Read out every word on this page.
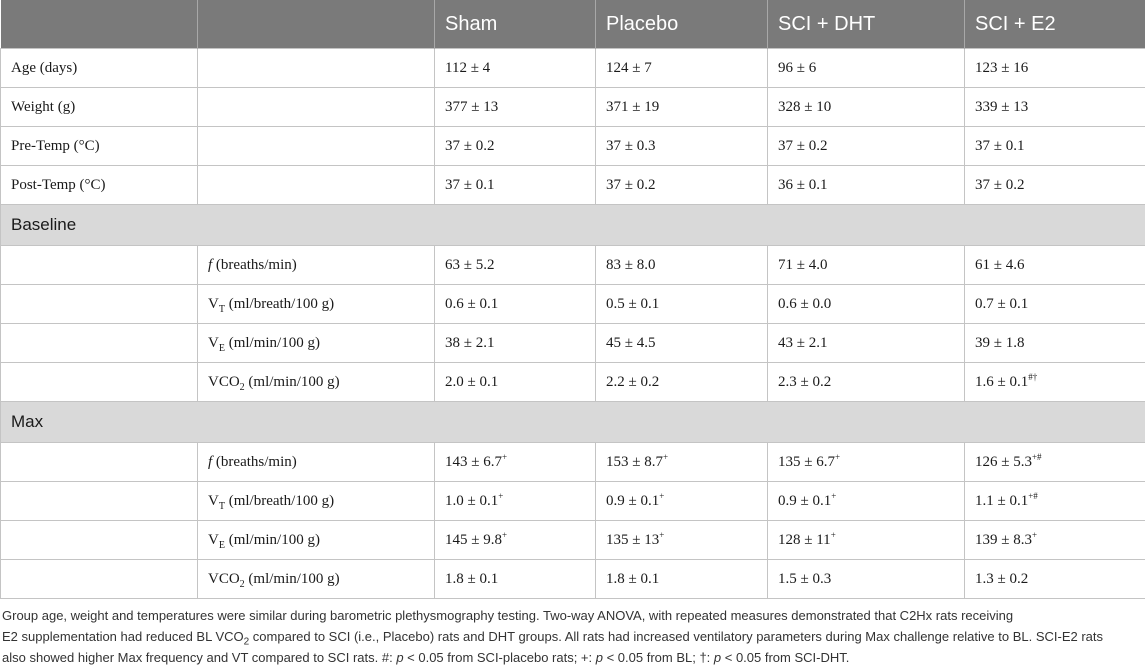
		Sham	Placebo	SCI + DHT	SCI + E2
Age (days)		112 ± 4	124 ± 7	96 ± 6	123 ± 16
Weight (g)		377 ± 13	371 ± 19	328 ± 10	339 ± 13
Pre-Temp (°C)		37 ± 0.2	37 ± 0.3	37 ± 0.2	37 ± 0.1
Post-Temp (°C)		37 ± 0.1	37 ± 0.2	36 ± 0.1	37 ± 0.2
Baseline					
	f (breaths/min)	63 ± 5.2	83 ± 8.0	71 ± 4.0	61 ± 4.6
	$V_T$ (ml/breath/100 g)	0.6 ± 0.1	0.5 ± 0.1	0.6 ± 0.0	0.7 ± 0.1
	$V_E$ (ml/min/100 g)	38 ± 2.1	45 ± 4.5	43 ± 2.1	39 ± 1.8
	$VCO_2$ (ml/min/100 g)	2.0 ± 0.1	2.2 ± 0.2	2.3 ± 0.2	1.6 ± 0.1#†
Max					
	f (breaths/min)	143 ± 6.7+	153 ± 8.7+	135 ± 6.7+	126 ± 5.3+#
	$V_T$ (ml/breath/100 g)	1.0 ± 0.1+	0.9 ± 0.1+	0.9 ± 0.1+	1.1 ± 0.1+#
	$V_E$ (ml/min/100 g)	145 ± 9.8+	135 ± 13+	128 ± 11+	139 ± 8.3+
	$VCO_2$ (ml/min/100 g)	1.8 ± 0.1	1.8 ± 0.1	1.5 ± 0.3	1.3 ± 0.2
Group age, weight and temperatures were similar during barometric plethysmography testing. Two-way ANOVA, with repeated measures demonstrated that C2Hx rats receiving
E2 supplementation had reduced BL $VCO_2$ compared to SCI (i.e., Placebo) rats and DHT groups. All rats had increased ventilatory parameters during Max challenge relative to BL. SCI-E2 rats
also showed higher Max frequency and VT compared to SCI rats. #: p < 0.05 from SCI-placebo rats; +: p < 0.05 from BL; †: p < 0.05 from SCI-DHT.
